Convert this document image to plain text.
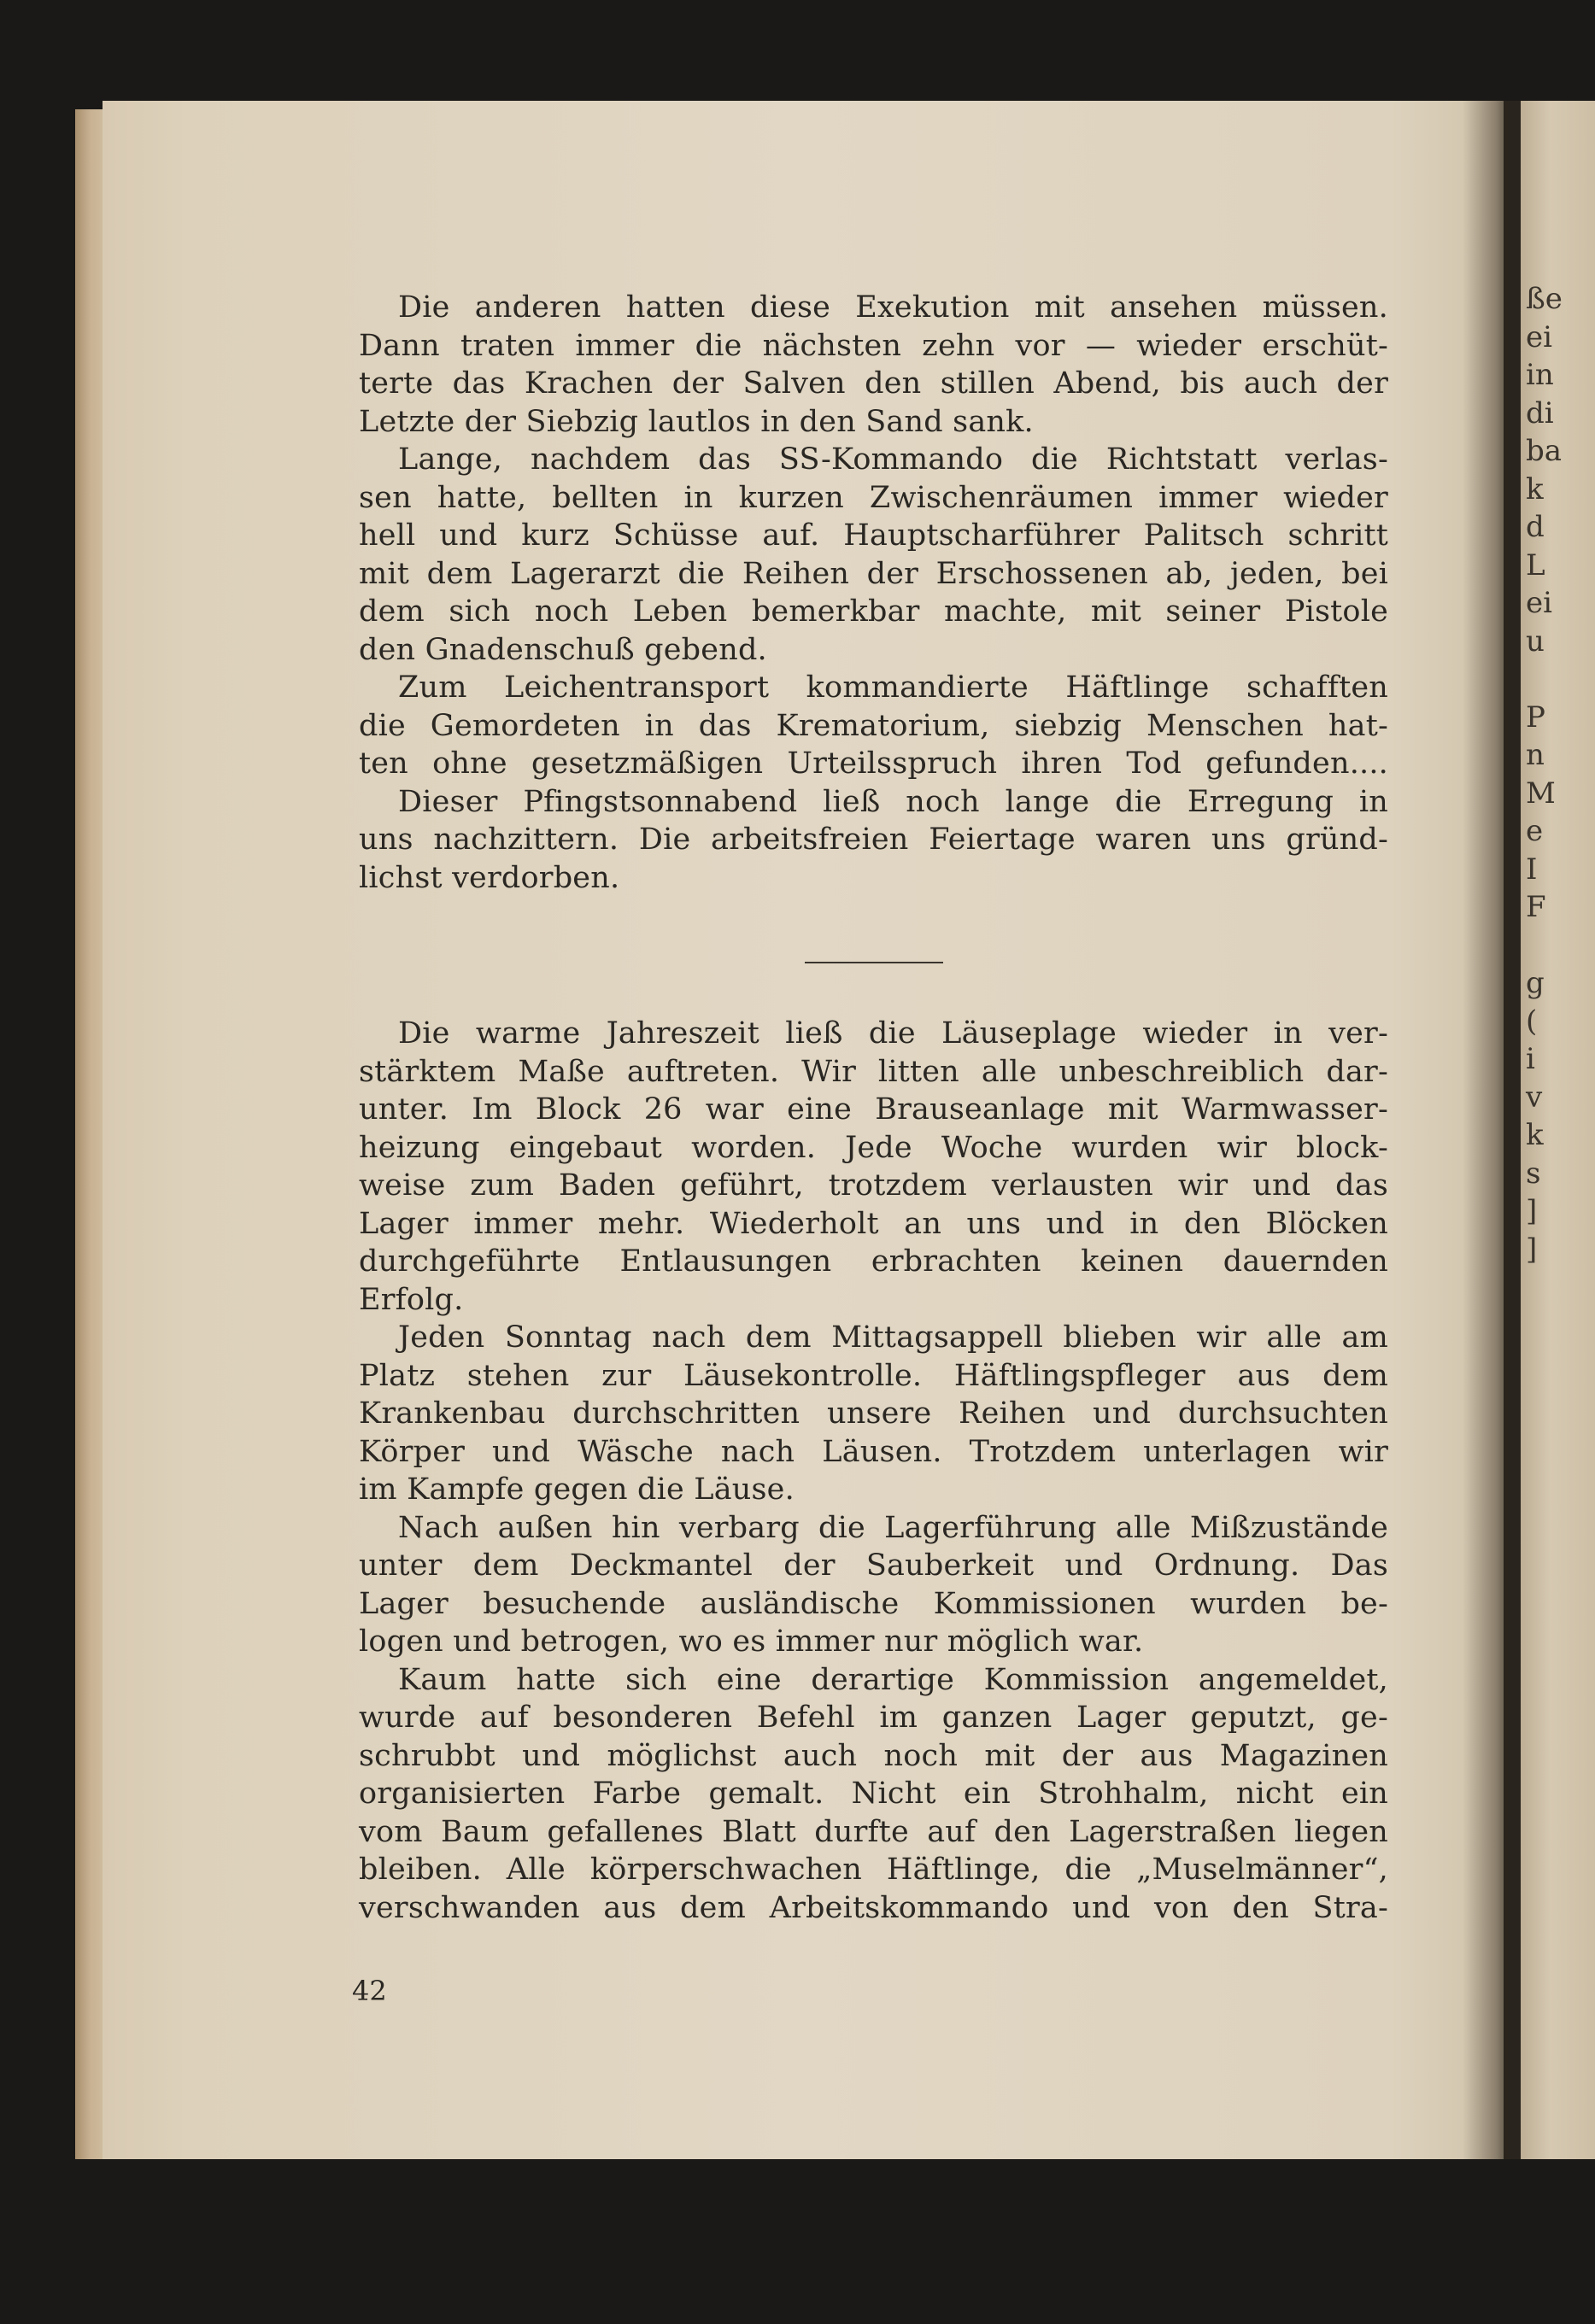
ße
ei
in
di
ba
k
d
L
ei
u
P
n
M
e
I
F
g
(
i
v
k
s
]
]
Die anderen hatten diese Exekution mit ansehen müssen.
Dann traten immer die nächsten zehn vor — wieder erschüt-
terte das Krachen der Salven den stillen Abend, bis auch der
Letzte der Siebzig lautlos in den Sand sank.
Lange, nachdem das SS-Kommando die Richtstatt verlas-
sen hatte, bellten in kurzen Zwischenräumen immer wieder
hell und kurz Schüsse auf. Hauptscharführer Palitsch schritt
mit dem Lagerarzt die Reihen der Erschossenen ab, jeden, bei
dem sich noch Leben bemerkbar machte, mit seiner Pistole
den Gnadenschuß gebend.
Zum Leichentransport kommandierte Häftlinge schafften
die Gemordeten in das Krematorium, siebzig Menschen hat-
ten ohne gesetzmäßigen Urteilsspruch ihren Tod gefunden....
Dieser Pfingstsonnabend ließ noch lange die Erregung in
uns nachzittern. Die arbeitsfreien Feiertage waren uns gründ-
lichst verdorben.
Die warme Jahreszeit ließ die Läuseplage wieder in ver-
stärktem Maße auftreten. Wir litten alle unbeschreiblich dar-
unter. Im Block 26 war eine Brauseanlage mit Warmwasser-
heizung eingebaut worden. Jede Woche wurden wir block-
weise zum Baden geführt, trotzdem verlausten wir und das
Lager immer mehr. Wiederholt an uns und in den Blöcken
durchgeführte Entlausungen erbrachten keinen dauernden
Erfolg.
Jeden Sonntag nach dem Mittagsappell blieben wir alle am
Platz stehen zur Läusekontrolle. Häftlingspfleger aus dem
Krankenbau durchschritten unsere Reihen und durchsuchten
Körper und Wäsche nach Läusen. Trotzdem unterlagen wir
im Kampfe gegen die Läuse.
Nach außen hin verbarg die Lagerführung alle Mißzustände
unter dem Deckmantel der Sauberkeit und Ordnung. Das
Lager besuchende ausländische Kommissionen wurden be-
logen und betrogen, wo es immer nur möglich war.
Kaum hatte sich eine derartige Kommission angemeldet,
wurde auf besonderen Befehl im ganzen Lager geputzt, ge-
schrubbt und möglichst auch noch mit der aus Magazinen
organisierten Farbe gemalt. Nicht ein Strohhalm, nicht ein
vom Baum gefallenes Blatt durfte auf den Lagerstraßen liegen
bleiben. Alle körperschwachen Häftlinge, die „Muselmänner“,
verschwanden aus dem Arbeitskommando und von den Stra-
42
